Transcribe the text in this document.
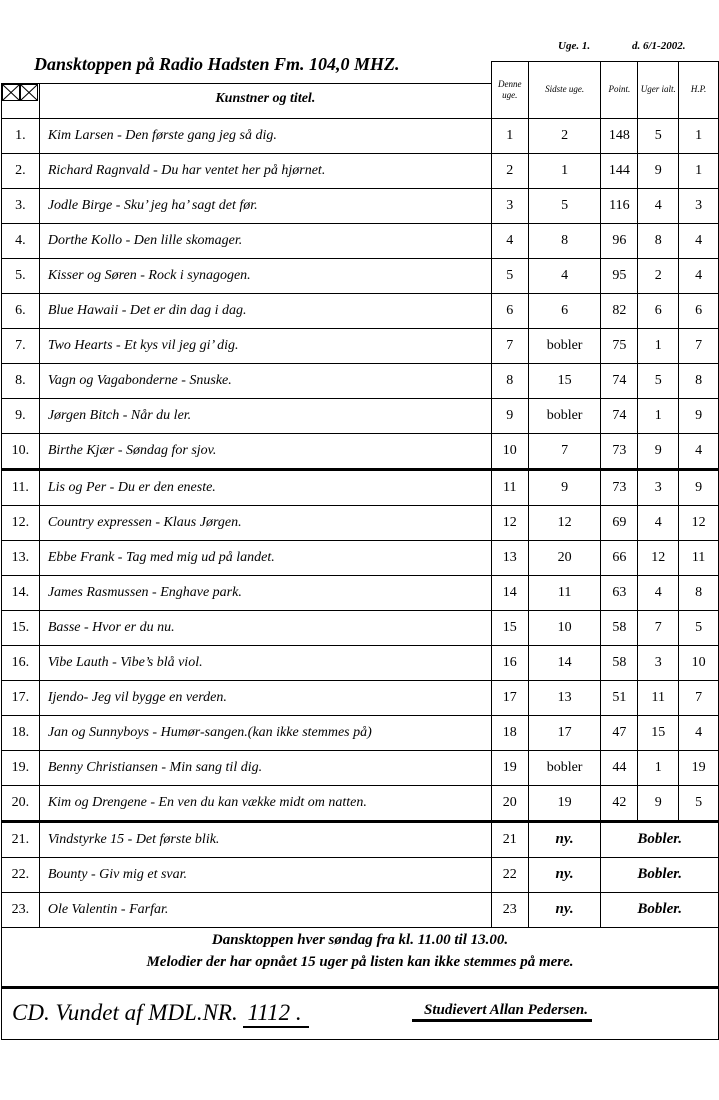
Uge. 1.	d. 6/1-2002.
Dansktoppen på Radio Hadsten Fm. 104,0 MHZ.
		Denne uge.	Sidste uge.	Point.	Uger ialt.	H.P.

	Kunstner og titel.					
1.	Kim Larsen - Den første gang jeg så dig.	1	2	148	5	1
2.	Richard Ragnvald - Du har ventet her på hjørnet.	2	1	144	9	1
3.	Jodle Birge - Sku’ jeg ha’ sagt det før.	3	5	116	4	3
4.	Dorthe Kollo - Den lille skomager.	4	8	96	8	4
5.	Kisser og Søren - Rock i synagogen.	5	4	95	2	4
6.	Blue Hawaii - Det er din dag i dag.	6	6	82	6	6
7.	Two Hearts - Et kys vil jeg gi’ dig.	7	bobler	75	1	7
8.	Vagn og Vagabonderne - Snuske.	8	15	74	5	8
9.	Jørgen Bitch - Når du ler.	9	bobler	74	1	9
10.	Birthe Kjær - Søndag for sjov.	10	7	73	9	4
11.	Lis og Per - Du er den eneste.	11	9	73	3	9
12.	Country expressen - Klaus Jørgen.	12	12	69	4	12
13.	Ebbe Frank - Tag med mig ud på landet.	13	20	66	12	11
14.	James Rasmussen - Enghave park.	14	11	63	4	8
15.	Basse - Hvor er du nu.	15	10	58	7	5
16.	Vibe Lauth - Vibe’s blå viol.	16	14	58	3	10
17.	Ijendo- Jeg vil bygge en verden.	17	13	51	11	7
18.	Jan og Sunnyboys - Humør-sangen.(kan ikke stemmes på)	18	17	47	15	4
19.	Benny Christiansen - Min sang til dig.	19	bobler	44	1	19
20.	Kim og Drengene - En ven du kan vække midt om natten.	20	19	42	9	5
21.	Vindstyrke 15 - Det første blik.	21	ny.	Bobler.		
22.	Bounty - Giv mig et svar.	22	ny.	Bobler.		
23.	Ole Valentin - Farfar.	23	ny.	Bobler.		
Dansktoppen hver søndag fra kl. 11.00 til 13.00.
Melodier der har opnået 15 uger på listen kan ikke stemmes på mere.
CD. Vundet af MDL.NR. 1112 .	Studievert Allan Pedersen.
